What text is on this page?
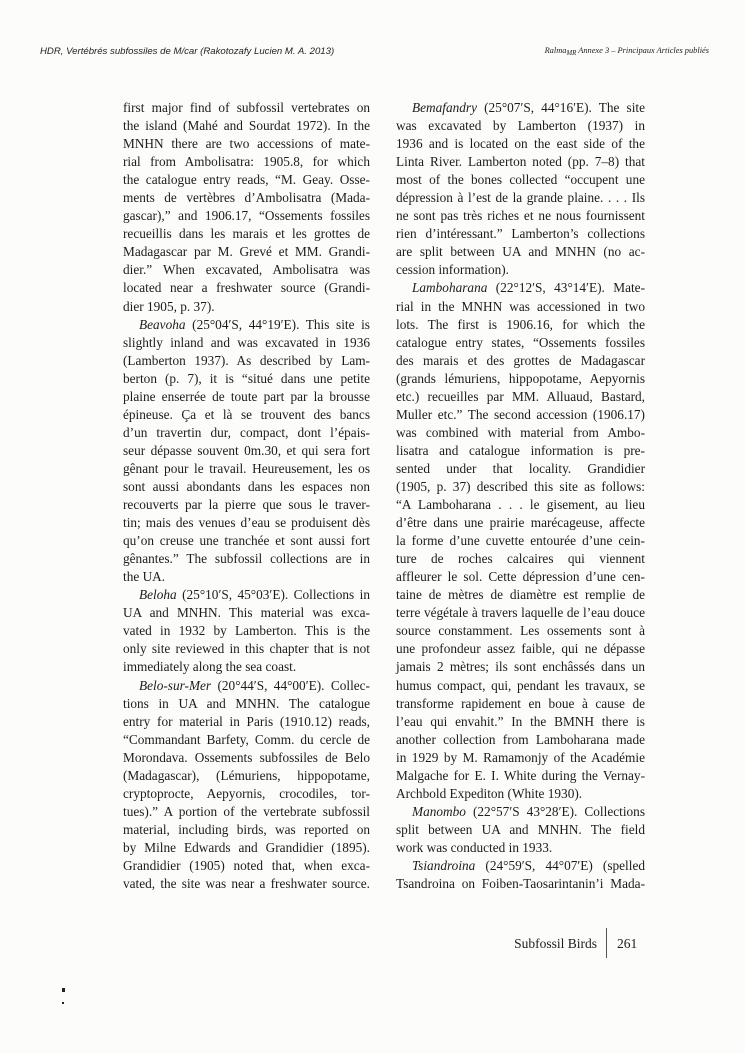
HDR, Vertébrés subfossiles de M/car (Rakotozafy Lucien M. A. 2013)	Ralma$_{MR}$ Annexe 3 – Principaux Articles publiés
first major find of subfossil vertebrates on
the island (Mahé and Sourdat 1972). In the
MNHN there are two accessions of mate-
rial from Ambolisatra: 1905.8, for which
the catalogue entry reads, “M. Geay. Osse-
ments de vertèbres d’Ambolisatra (Mada-
gascar),” and 1906.17, “Ossements fossiles
recueillis dans les marais et les grottes de
Madagascar par M. Grevé et MM. Grandi-
dier.” When excavated, Ambolisatra was
located near a freshwater source (Grandi-
dier 1905, p. 37).
Beavoha (25°04′S, 44°19′E). This site is
slightly inland and was excavated in 1936
(Lamberton 1937). As described by Lam-
berton (p. 7), it is “situé dans une petite
plaine enserrée de toute part par la brousse
épineuse. Ça et là se trouvent des bancs
d’un travertin dur, compact, dont l’épais-
seur dépasse souvent 0m.30, et qui sera fort
gênant pour le travail. Heureusement, les os
sont aussi abondants dans les espaces non
recouverts par la pierre que sous le traver-
tin; mais des venues d’eau se produisent dès
qu’on creuse une tranchée et sont aussi fort
gênantes.” The subfossil collections are in
the UA.
Beloha (25°10′S, 45°03′E). Collections in
UA and MNHN. This material was exca-
vated in 1932 by Lamberton. This is the
only site reviewed in this chapter that is not
immediately along the sea coast.
Belo-sur-Mer (20°44′S, 44°00′E). Collec-
tions in UA and MNHN. The catalogue
entry for material in Paris (1910.12) reads,
“Commandant Barfety, Comm. du cercle de
Morondava. Ossements subfossiles de Belo
(Madagascar), (Lémuriens, hippopotame,
cryptoprocte, Aepyornis, crocodiles, tor-
tues).” A portion of the vertebrate subfossil
material, including birds, was reported on
by Milne Edwards and Grandidier (1895).
Grandidier (1905) noted that, when exca-
vated, the site was near a freshwater source.
Bemafandry (25°07′S, 44°16′E). The site
was excavated by Lamberton (1937) in
1936 and is located on the east side of the
Linta River. Lamberton noted (pp. 7–8) that
most of the bones collected “occupent une
dépression à l’est de la grande plaine. . . . Ils
ne sont pas très riches et ne nous fournissent
rien d’intéressant.” Lamberton’s collections
are split between UA and MNHN (no ac-
cession information).
Lamboharana (22°12′S, 43°14′E). Mate-
rial in the MNHN was accessioned in two
lots. The first is 1906.16, for which the
catalogue entry states, “Ossements fossiles
des marais et des grottes de Madagascar
(grands lémuriens, hippopotame, Aepyornis
etc.) recueilles par MM. Alluaud, Bastard,
Muller etc.” The second accession (1906.17)
was combined with material from Ambo-
lisatra and catalogue information is pre-
sented under that locality. Grandidier
(1905, p. 37) described this site as follows:
“A Lamboharana . . . le gisement, au lieu
d’être dans une prairie marécageuse, affecte
la forme d’une cuvette entourée d’une cein-
ture de roches calcaires qui viennent
affleurer le sol. Cette dépression d’une cen-
taine de mètres de diamètre est remplie de
terre végétale à travers laquelle de l’eau douce
source constamment. Les ossements sont à
une profondeur assez faible, qui ne dépasse
jamais 2 mètres; ils sont enchâssés dans un
humus compact, qui, pendant les travaux, se
transforme rapidement en boue à cause de
l’eau qui envahit.” In the BMNH there is
another collection from Lamboharana made
in 1929 by M. Ramamonjy of the Académie
Malgache for E. I. White during the Vernay-
Archbold Expediton (White 1930).
Manombo (22°57′S 43°28′E). Collections
split between UA and MNHN. The field
work was conducted in 1933.
Tsiandroina (24°59′S, 44°07′E) (spelled
Tsandroina on Foiben-Taosarintanin’i Mada-
Subfossil Birds 261
